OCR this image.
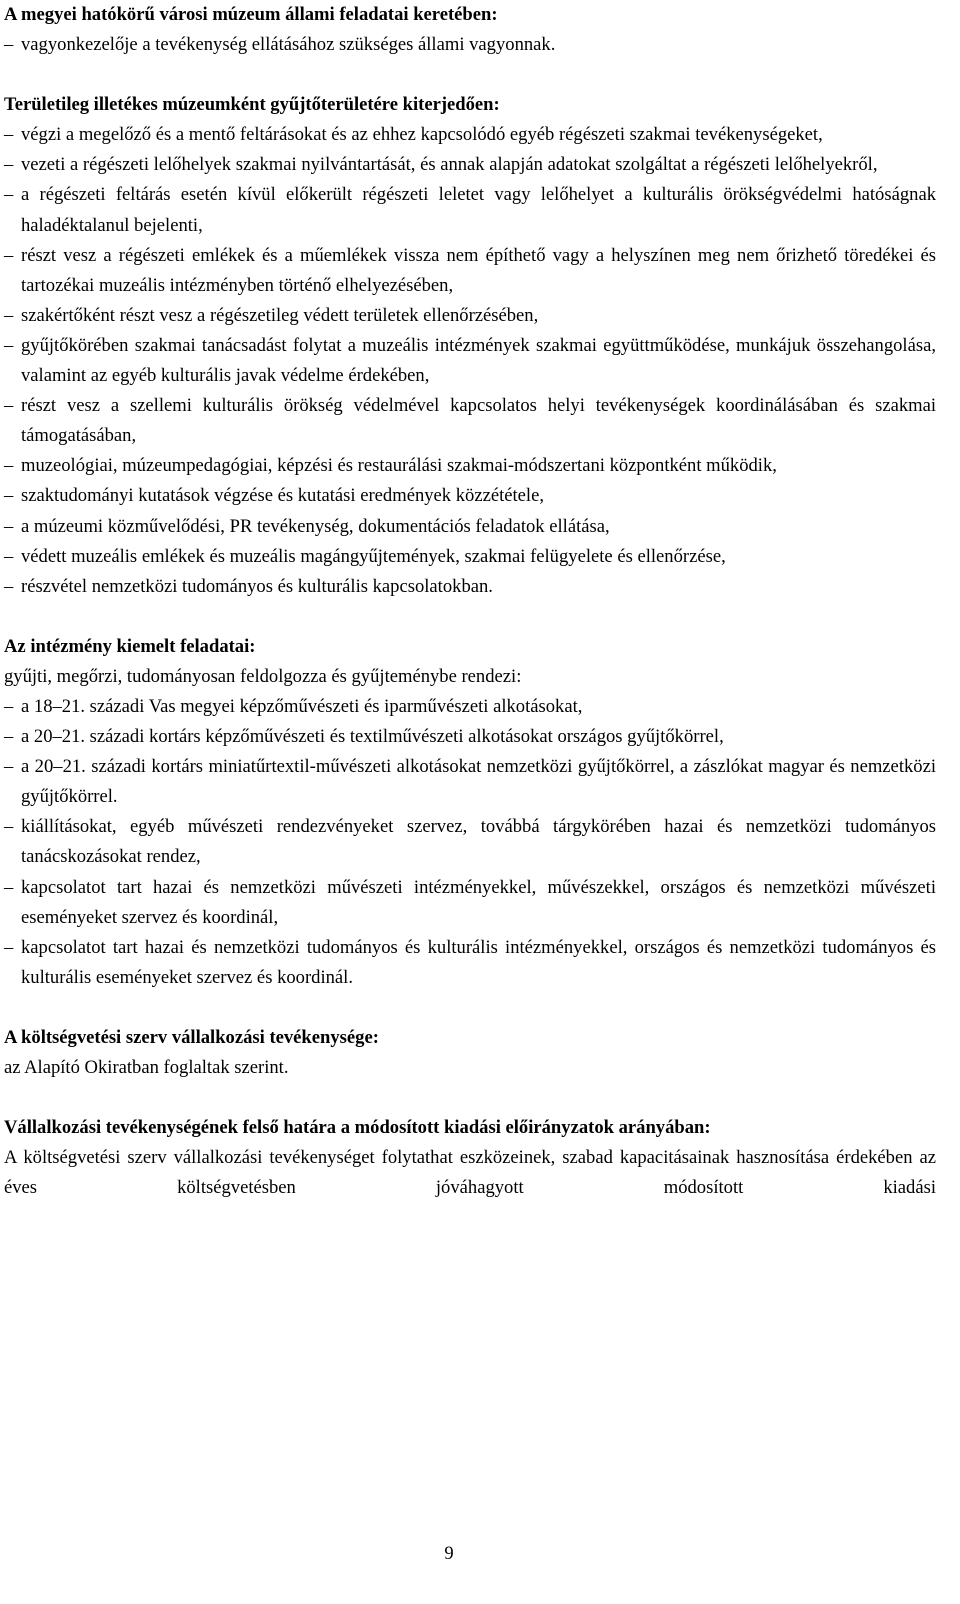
A megyei hatókörű városi múzeum állami feladatai keretében:

– vagyonkezelője a tevékenység ellátásához szükséges állami vagyonnak.

Területileg illetékes múzeumként gyűjtőterületére kiterjedően:

– végzi a megelőző és a mentő feltárásokat és az ehhez kapcsolódó egyéb régészeti szakmai tevékenységeket,

– vezeti a régészeti lelőhelyek szakmai nyilvántartását, és annak alapján adatokat szolgáltat a régészeti lelőhelyekről,

– a régészeti feltárás esetén kívül előkerült régészeti leletet vagy lelőhelyet a kulturális örökségvédelmi hatóságnak haladéktalanul bejelenti,

– részt vesz a régészeti emlékek és a műemlékek vissza nem építhető vagy a helyszínen meg nem őrizhető töredékei és tartozékai muzeális intézményben történő elhelyezésében,

– szakértőként részt vesz a régészetileg védett területek ellenőrzésében,

– gyűjtőkörében szakmai tanácsadást folytat a muzeális intézmények szakmai együttműködése, munkájuk összehangolása, valamint az egyéb kulturális javak védelme érdekében,

– részt vesz a szellemi kulturális örökség védelmével kapcsolatos helyi tevékenységek koordinálásában és szakmai támogatásában,

– muzeológiai, múzeumpedagógiai, képzési és restaurálási szakmai-módszertani központként működik,

– szaktudományi kutatások végzése és kutatási eredmények közzététele,

– a múzeumi közművelődési, PR tevékenység, dokumentációs feladatok ellátása,

– védett muzeális emlékek és muzeális magángyűjtemények, szakmai felügyelete és ellenőrzése,

– részvétel nemzetközi tudományos és kulturális kapcsolatokban.

Az intézmény kiemelt feladatai:

gyűjti, megőrzi, tudományosan feldolgozza és gyűjteménybe rendezi:

– a 18–21. századi Vas megyei képzőművészeti és iparművészeti alkotásokat,

– a 20–21. századi kortárs képzőművészeti és textilművészeti alkotásokat országos gyűjtőkörrel,

– a 20–21. századi kortárs miniatűrtextil-művészeti alkotásokat nemzetközi gyűjtőkörrel, a zászlókat magyar és nemzetközi gyűjtőkörrel.

– kiállításokat, egyéb művészeti rendezvényeket szervez, továbbá tárgykörében hazai és nemzetközi tudományos tanácskozásokat rendez,

– kapcsolatot tart hazai és nemzetközi művészeti intézményekkel, művészekkel, országos és nemzetközi művészeti eseményeket szervez és koordinál,

– kapcsolatot tart hazai és nemzetközi tudományos és kulturális intézményekkel, országos és nemzetközi tudományos és kulturális eseményeket szervez és koordinál.

A költségvetési szerv vállalkozási tevékenysége:

az Alapító Okiratban foglaltak szerint.

Vállalkozási tevékenységének felső határa a módosított kiadási előirányzatok arányában:

A költségvetési szerv vállalkozási tevékenységet folytathat eszközeinek, szabad kapacitásainak hasznosítása érdekében az éves költségvetésben jóváhagyott módosított kiadási

9
